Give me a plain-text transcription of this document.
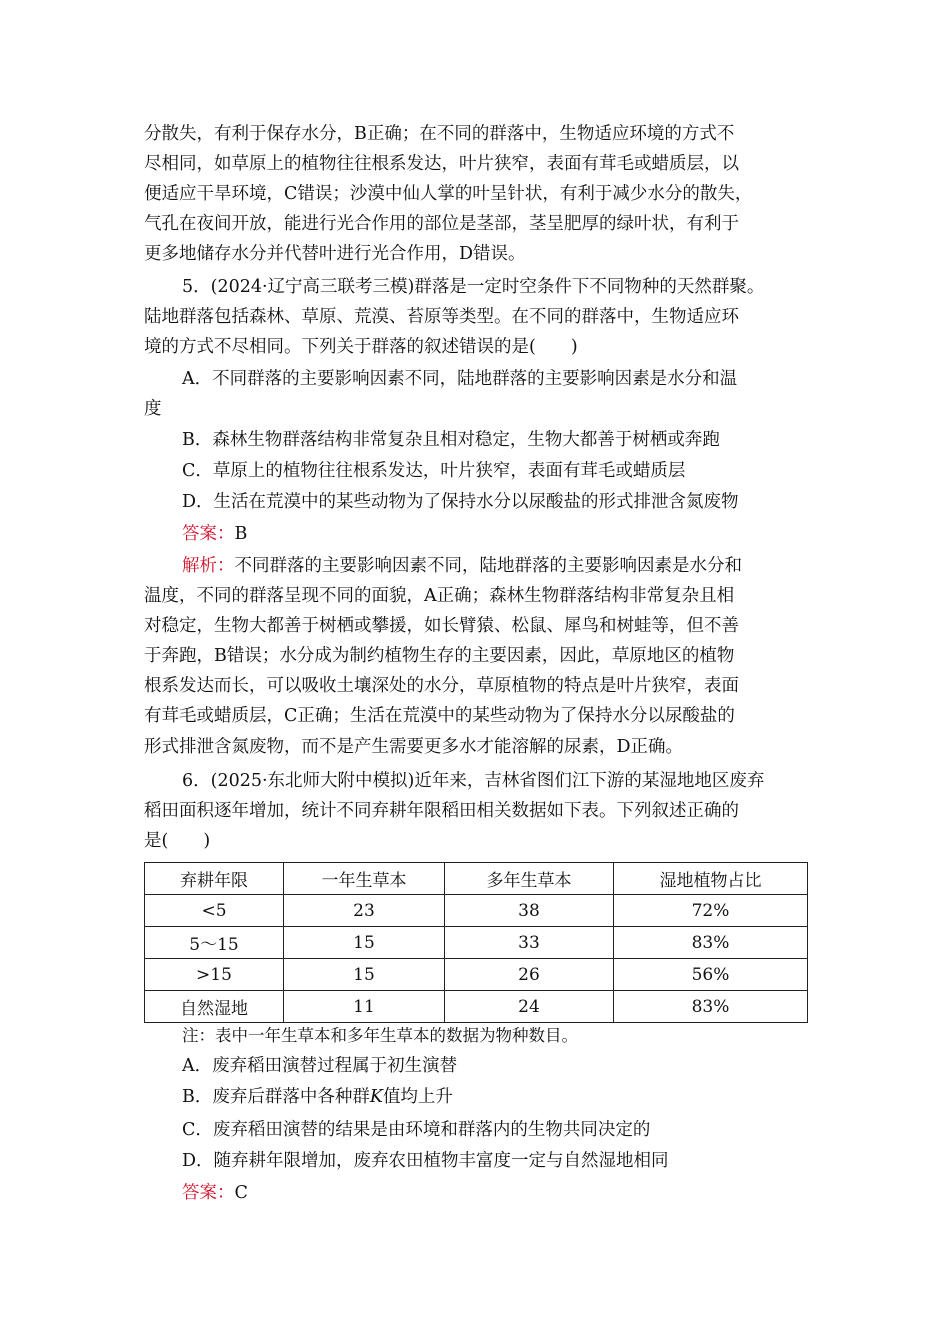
分散失，有利于保存水分，B正确；在不同的群落中，生物适应环境的方式不
尽相同，如草原上的植物往往根系发达，叶片狭窄，表面有茸毛或蜡质层，以
便适应干旱环境，C错误；沙漠中仙人掌的叶呈针状，有利于减少水分的散失，
气孔在夜间开放，能进行光合作用的部位是茎部，茎呈肥厚的绿叶状，有利于
更多地储存水分并代替叶进行光合作用，D错误。
5．(2024·辽宁高三联考三模)群落是一定时空条件下不同物种的天然群聚。
陆地群落包括森林、草原、荒漠、苔原等类型。在不同的群落中，生物适应环
境的方式不尽相同。下列关于群落的叙述错误的是(　　)
A．不同群落的主要影响因素不同，陆地群落的主要影响因素是水分和温
度
B．森林生物群落结构非常复杂且相对稳定，生物大都善于树栖或奔跑
C．草原上的植物往往根系发达，叶片狭窄，表面有茸毛或蜡质层
D．生活在荒漠中的某些动物为了保持水分以尿酸盐的形式排泄含氮废物
答案：B
解析：不同群落的主要影响因素不同，陆地群落的主要影响因素是水分和
温度，不同的群落呈现不同的面貌，A正确；森林生物群落结构非常复杂且相
对稳定，生物大都善于树栖或攀援，如长臂猿、松鼠、犀鸟和树蛙等，但不善
于奔跑，B错误；水分成为制约植物生存的主要因素，因此，草原地区的植物
根系发达而长，可以吸收土壤深处的水分，草原植物的特点是叶片狭窄，表面
有茸毛或蜡质层，C正确；生活在荒漠中的某些动物为了保持水分以尿酸盐的
形式排泄含氮废物，而不是产生需要更多水才能溶解的尿素，D正确。
6．(2025·东北师大附中模拟)近年来，吉林省图们江下游的某湿地地区废弃
稻田面积逐年增加，统计不同弃耕年限稻田相关数据如下表。下列叙述正确的
是(　　)
弃耕年限	一年生草本	多年生草本	湿地植物占比
<5	23	38	72%
5～15	15	33	83%
>15	15	26	56%
自然湿地	11	24	83%
注：表中一年生草本和多年生草本的数据为物种数目。
A．废弃稻田演替过程属于初生演替
B．废弃后群落中各种群K值均上升
C．废弃稻田演替的结果是由环境和群落内的生物共同决定的
D．随弃耕年限增加，废弃农田植物丰富度一定与自然湿地相同
答案：C
